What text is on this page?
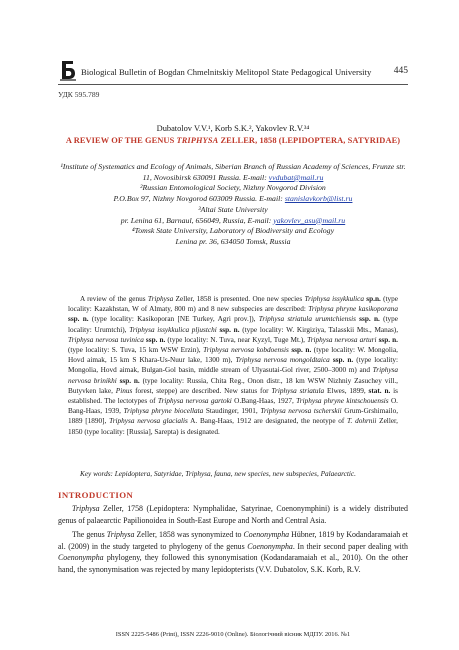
Biological Bulletin of Bogdan Chmelnitskiy Melitopol State Pedagogical University 445
УДК 595.789
Dubatolov V.V.¹, Korb S.K.², Yakovlev R.V.³⁴
A REVIEW OF THE GENUS TRIPHYSA ZELLER, 1858 (LEPIDOPTERA, SATYRIDAE)
¹Institute of Systematics and Ecology of Animals, Siberian Branch of Russian Academy of Sciences, Frunze str. 11, Novosibirsk 630091 Russia. E-mail: vvdubat@mail.ru
²Russian Entomological Society, Nizhny Novgorod Division
P.O.Box 97, Nizhny Novgorod 603009 Russia. E-mail: stanislavkorb@list.ru
³Altai State University
pr. Lenina 61, Barnaul, 656049, Russia, E-mail: yakovlev_asu@mail.ru
⁴Tomsk State University, Laboratory of Biodiversity and Ecology
Lenina pr. 36, 634050 Tomsk, Russia
A review of the genus Triphysa Zeller, 1858 is presented. One new species Triphysa issykkulica sp.n. (type locality: Kazakhstan, W of Almaty, 800 m) and 8 new subspecies are described: Triphysa phryne kasikoporana ssp. n. (type locality: Kasikoporan [NE Turkey, Agri prov.]), Triphysa striatula urumtchiensis ssp. n. (type locality: Urumtchi), Triphysa issykkulica pljustchi ssp. n. (type locality: W. Kirgiziya, Talasskii Mts., Manas), Triphysa nervosa tuvinica ssp. n. (type locality: N. Tuva, near Kyzyl, Tuge Mt.), Triphysa nervosa arturi ssp. n. (type locality: S. Tuva, 15 km WSW Erzin), Triphysa nervosa kobdoensis ssp. n. (type locality: W. Mongolia, Hovd aimak, 15 km S Khara-Us-Nuur lake, 1300 m), Triphysa nervosa mongoldtaica ssp. n. (type locality: Mongolia, Hovd aimak, Bulgan-Gol basin, middle stream of Ulyasutai-Gol river, 2500–3000 m) and Triphysa nervosa brinikhi ssp. n. (type locality: Russia, Chita Reg., Onon distr., 18 km WSW Nizhniy Zasuchey vill., Butyvken lake, Pinus forest, steppe) are described. New status for Triphysa striatula Elwes, 1899, stat. n. is established. The lectotypes of Triphysa nervosa gartoki O.Bang-Haas, 1927, Triphysa phryne kintschouensis O. Bang-Haas, 1939, Triphysa phryne biocellata Staudinger, 1901, Triphysa nervosa tscherskii Grum-Grshimailo, 1889 [1890], Triphysa nervosa glacialis A. Bang-Haas, 1912 are designated, the neotype of T. dohrnii Zeller, 1850 (type locality: [Russia], Sarepta) is designated.
Key words: Lepidoptera, Satyridae, Triphysa, fauna, new species, new subspecies, Palaearctic.
INTRODUCTION

Triphysa Zeller, 1758 (Lepidoptera: Nymphalidae, Satyrinae, Coenonymphini) is a widely distributed genus of palaearctic Papilionoidea in South-East Europe and North and Central Asia.

The genus Triphysa Zeller, 1858 was synonymized to Coenonympha Hübner, 1819 by Kodandaramaiah et al. (2009) in the study targeted to phylogeny of the genus Coenonympha. In their second paper dealing with Coenonympha phylogeny, they followed this synonymisation (Kodandaramaiah et al., 2010). On the other hand, the synonymisation was rejected by many lepidopterists (V.V. Dubatolov, S.K. Korb, R.V.

ISSN 2225-5486 (Print), ISSN 2226-9010 (Online). Біологічний вісник МДПУ. 2016. №1
